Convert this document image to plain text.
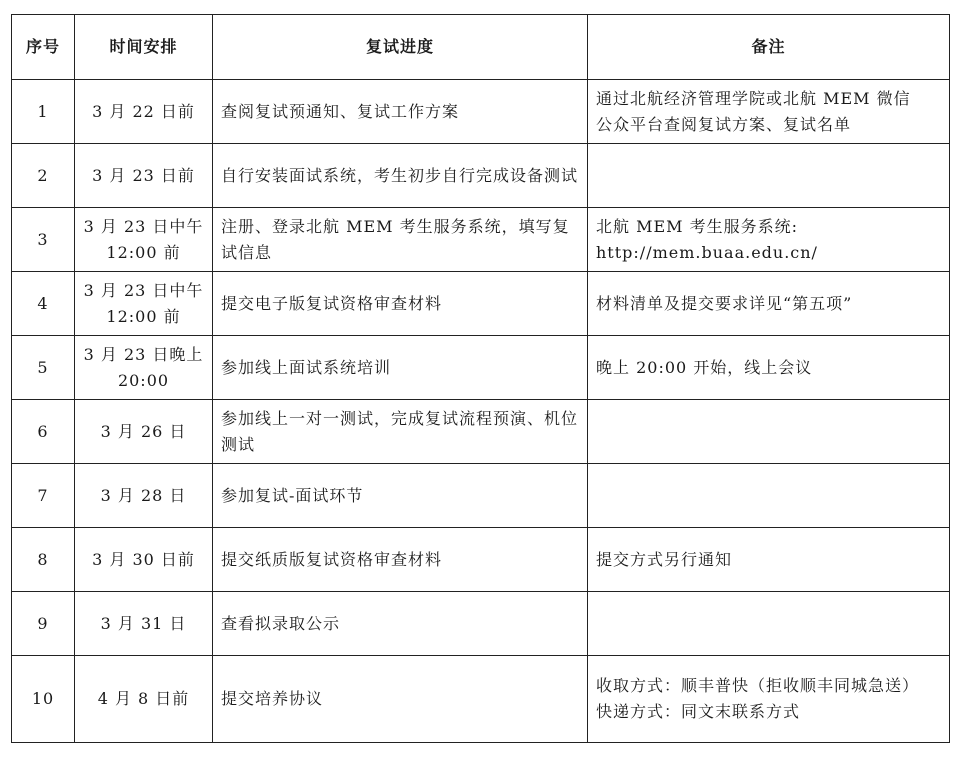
序号	时间安排	复试进度	备注
1	3 月 22 日前	查阅复试预通知、复试工作方案	通过北航经济管理学院或北航 MEM 微信
公众平台查阅复试方案、复试名单

2	3 月 23 日前	自行安装面试系统，考生初步自行完成设备测试	
3	3 月 23 日中午
12:00 前	注册、登录北航 MEM 考生服务系统，填写复试信息	北航 MEM 考生服务系统:
http://mem.buaa.edu.cn/

4	3 月 23 日中午
12:00 前	提交电子版复试资格审查材料	材料清单及提交要求详见“第五项”

5	3 月 23 日晚上
20:00	参加线上面试系统培训	晚上 20:00 开始，线上会议

6	3 月 26 日	参加线上一对一测试，完成复试流程预演、机位测试	
7	3 月 28 日	参加复试-面试环节	
8	3 月 30 日前	提交纸质版复试资格审查材料	提交方式另行通知

9	3 月 31 日	查看拟录取公示	
10	4 月 8 日前	提交培养协议	收取方式：顺丰普快（拒收顺丰同城急送）
快递方式：同文末联系方式
